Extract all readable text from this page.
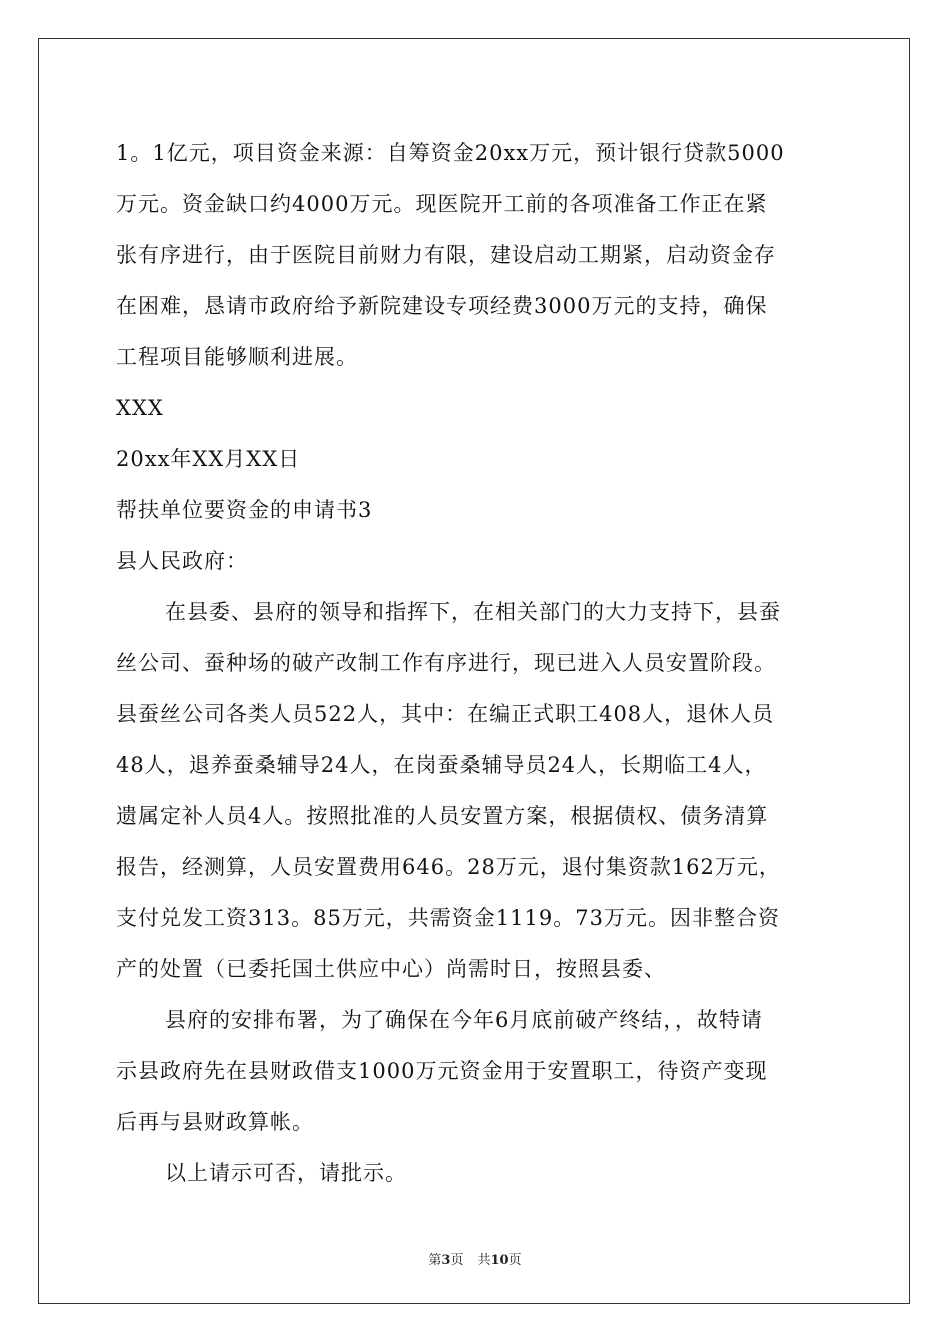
1。1亿元，项目资金来源：自筹资金20xx万元，预计银行贷款5000
万元。资金缺口约4000万元。现医院开工前的各项准备工作正在紧
张有序进行，由于医院目前财力有限，建设启动工期紧，启动资金存
在困难，恳请市政府给予新院建设专项经费3000万元的支持，确保
工程项目能够顺利进展。
XXX
20xx年XX月XX日
帮扶单位要资金的申请书3
县人民政府：
在县委、县府的领导和指挥下，在相关部门的大力支持下，县蚕
丝公司、蚕种场的破产改制工作有序进行，现已进入人员安置阶段。
县蚕丝公司各类人员522人，其中：在编正式职工408人，退休人员
48人，退养蚕桑辅导24人，在岗蚕桑辅导员24人，长期临工4人，
遗属定补人员4人。按照批准的人员安置方案，根据债权、债务清算
报告，经测算，人员安置费用646。28万元，退付集资款162万元，
支付兑发工资313。85万元，共需资金1119。73万元。因非整合资
产的处置（已委托国土供应中心）尚需时日，按照县委、
县府的安排布署，为了确保在今年6月底前破产终结，，故特请
示县政府先在县财政借支1000万元资金用于安置职工，待资产变现
后再与县财政算帐。
以上请示可否，请批示。
第3页 共10页
